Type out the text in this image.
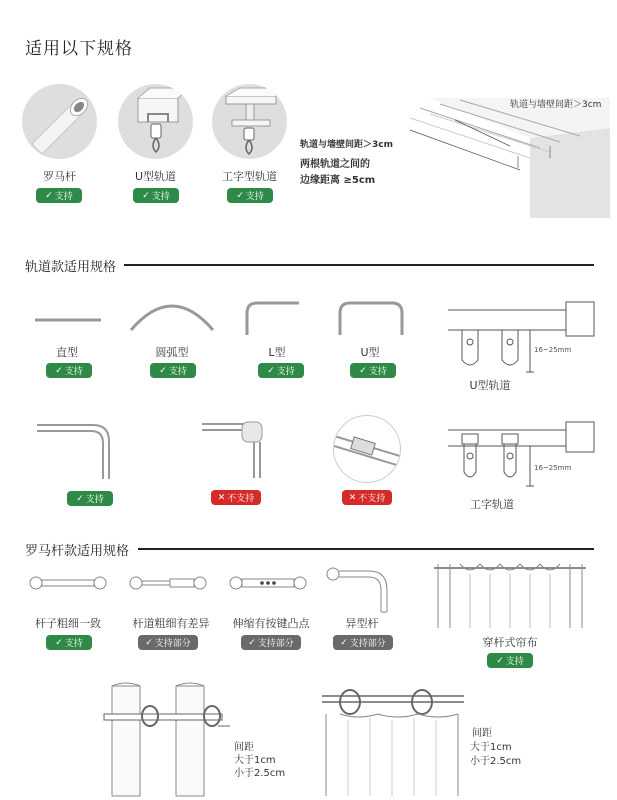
适用以下规格
罗马杆
✓ 支持
U型轨道
✓ 支持
工字型轨道
✓ 支持
轨道与墙壁间距＞3cm
轨道与墙壁间距＞3cm
两根轨道之间的
边缘距离 ≥5cm
轨道款适用规格
直型
✓ 支持
圆弧型
✓ 支持
L型
✓ 支持
U型
✓ 支持
16~25mm
U型轨道
✓ 支持	✕ 不支持	✕ 不支持
16~25mm
工字轨道
罗马杆款适用规格
杆子粗细一致
✓ 支持
杆道粗细有差异
✓ 支持部分
伸缩有按键凸点
✓ 支持部分
异型杆
✓ 支持部分	穿杆式帘布
✓ 支持
间距
大于1cm
小于2.5cm
间距
大于1cm
小于2.5cm
